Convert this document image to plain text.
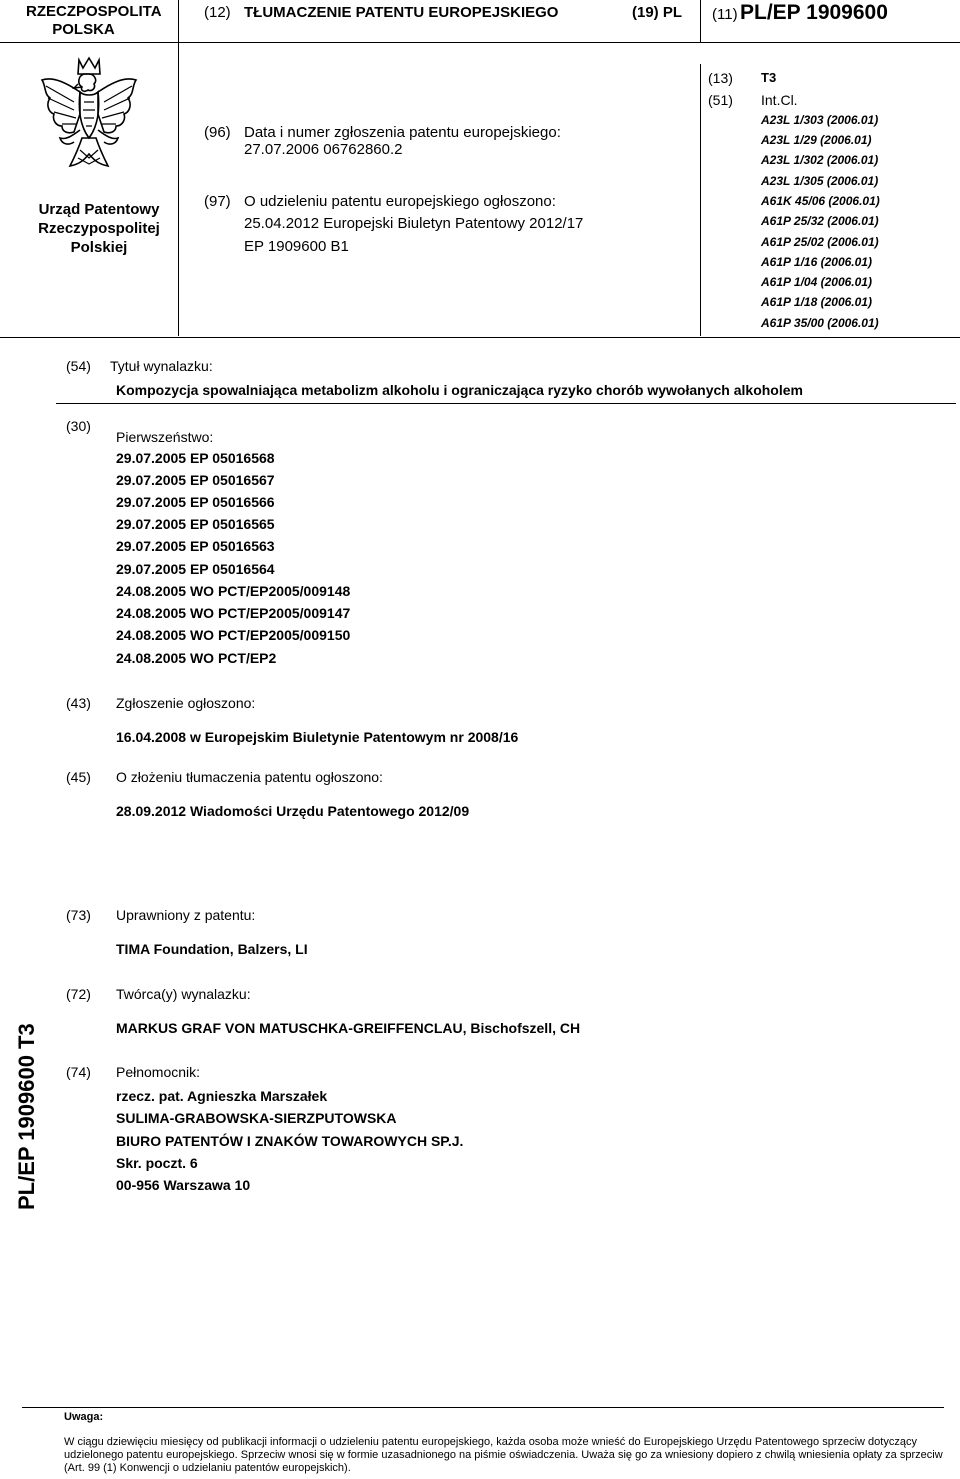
RZECZPOSPOLITA
POLSKA
(12) TŁUMACZENIE PATENTU EUROPEJSKIEGO	(19) PL (11) PL/EP 1909600
Urząd Patentowy
Rzeczypospolitej
Polskiej
(96) Data i numer zgłoszenia patentu europejskiego:
27.07.2006 06762860.2
(97) O udzieleniu patentu europejskiego ogłoszono:
25.04.2012 Europejski Biuletyn Patentowy 2012/17
EP 1909600 B1
(13) T3
(51) Int.Cl.
A23L 1/303 (2006.01)
A23L 1/29 (2006.01)
A23L 1/302 (2006.01)
A23L 1/305 (2006.01)
A61K 45/06 (2006.01)
A61P 25/32 (2006.01)
A61P 25/02 (2006.01)
A61P 1/16 (2006.01)
A61P 1/04 (2006.01)
A61P 1/18 (2006.01)
A61P 35/00 (2006.01)
(54) Tytuł wynalazku:
Kompozycja spowalniająca metabolizm alkoholu i ograniczająca ryzyko chorób wywołanych alkoholem
(30)
Pierwszeństwo:
29.07.2005 EP 05016568
29.07.2005 EP 05016567
29.07.2005 EP 05016566
29.07.2005 EP 05016565
29.07.2005 EP 05016563
29.07.2005 EP 05016564
24.08.2005 WO PCT/EP2005/009148
24.08.2005 WO PCT/EP2005/009147
24.08.2005 WO PCT/EP2005/009150
24.08.2005 WO PCT/EP2
(43) Zgłoszenie ogłoszono:
16.04.2008 w Europejskim Biuletynie Patentowym nr 2008/16
(45) O złożeniu tłumaczenia patentu ogłoszono:
28.09.2012 Wiadomości Urzędu Patentowego 2012/09
(73) Uprawniony z patentu:
TIMA Foundation, Balzers, LI
(72) Twórca(y) wynalazku:
MARKUS GRAF VON MATUSCHKA-GREIFFENCLAU, Bischofszell, CH
(74) Pełnomocnik:
rzecz. pat. Agnieszka Marszałek
SULIMA-GRABOWSKA-SIERZPUTOWSKA
BIURO PATENTÓW I ZNAKÓW TOWAROWYCH SP.J.
Skr. poczt. 6
00-956 Warszawa 10
PL/EP 1909600 T3
Uwaga:
W ciągu dziewięciu miesięcy od publikacji informacji o udzieleniu patentu europejskiego, każda osoba może wnieść do Europejskiego Urzędu Patentowego sprzeciw dotyczący udzielonego patentu europejskiego. Sprzeciw wnosi się w formie uzasadnionego na piśmie oświadczenia. Uważa się go za wniesiony dopiero z chwilą wniesienia opłaty za sprzeciw (Art. 99 (1) Konwencji o udzielaniu patentów europejskich).
